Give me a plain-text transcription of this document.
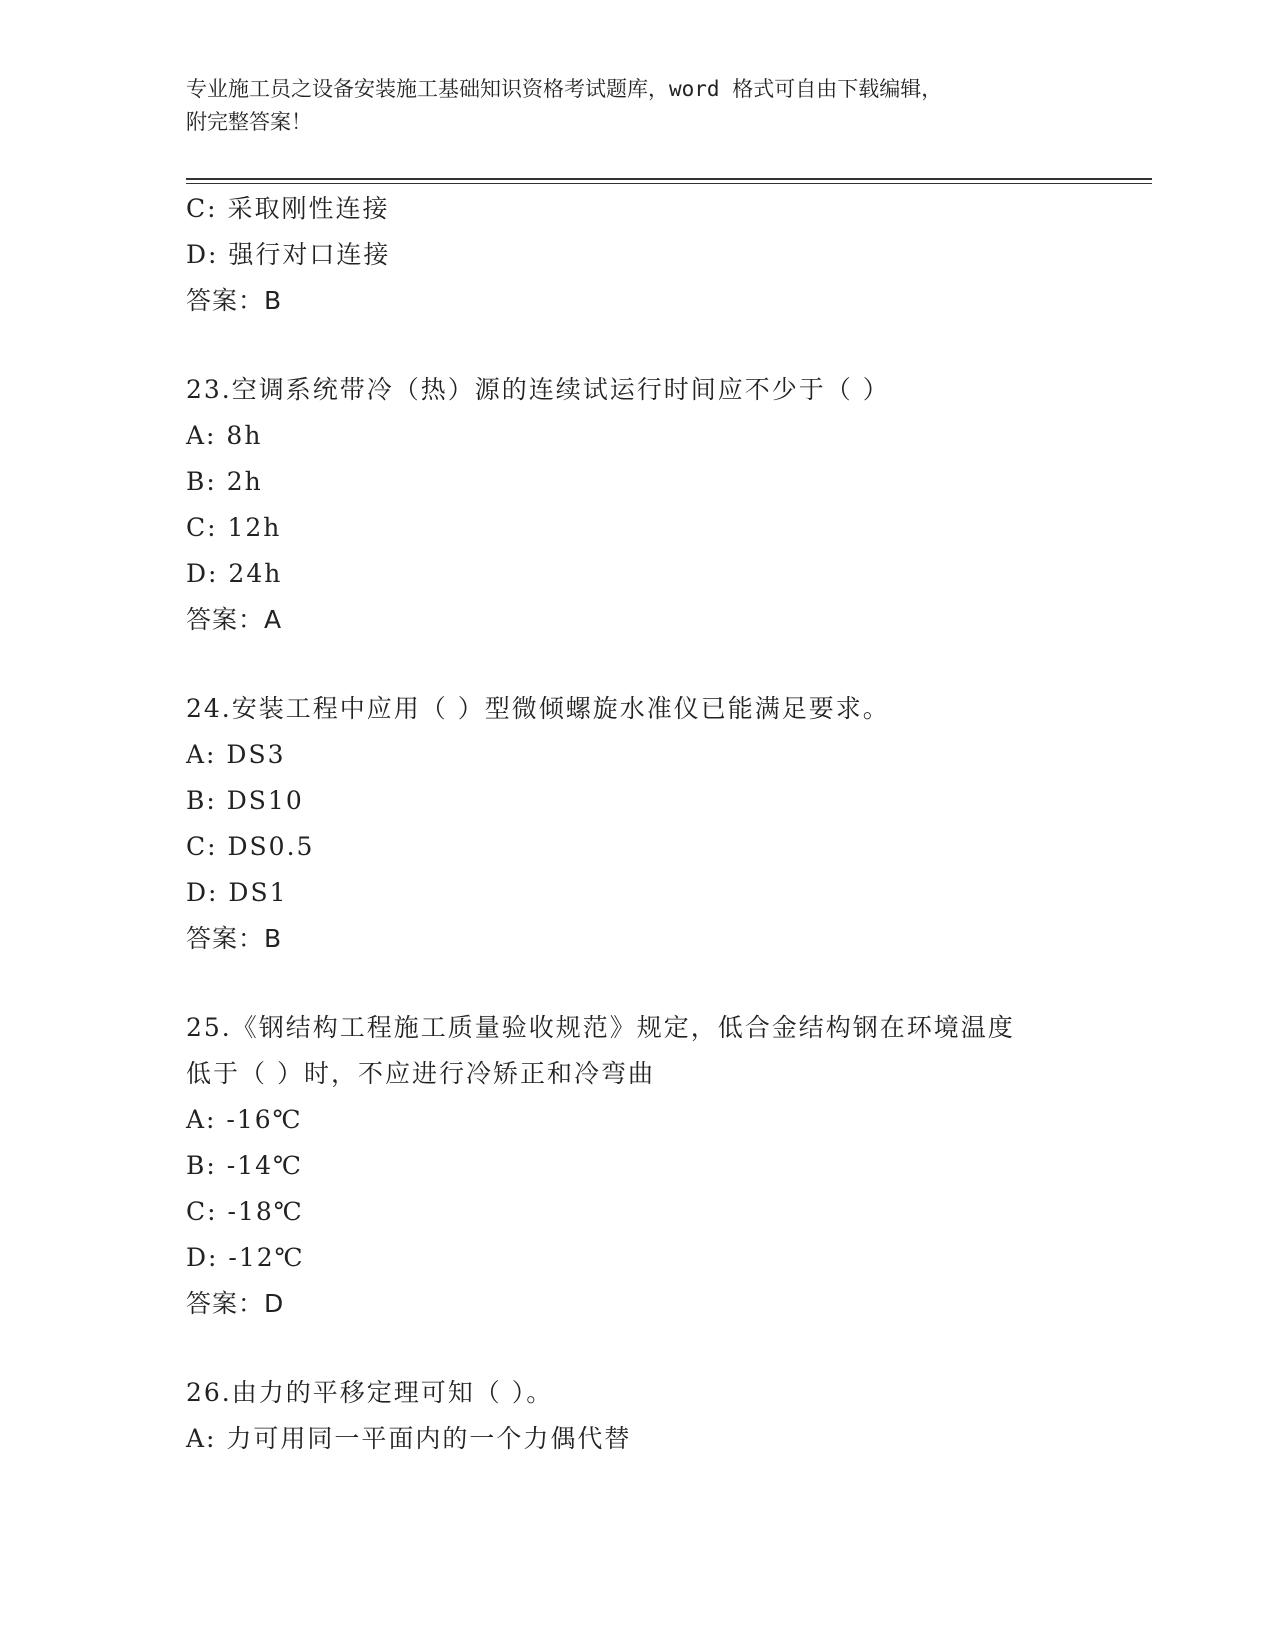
专业施工员之设备安装施工基础知识资格考试题库，word 格式可自由下载编辑，
附完整答案！
C: 采取刚性连接
D: 强行对口连接
答案：B
23.空调系统带冷（热）源的连续试运行时间应不少于（ ）
A: 8h
B: 2h
C: 12h
D: 24h
答案：A
24.安装工程中应用（ ）型微倾螺旋水准仪已能满足要求。
A: DS3
B: DS10
C: DS0.5
D: DS1
答案：B
25.《钢结构工程施工质量验收规范》规定，低合金结构钢在环境温度
低于（ ）时，不应进行冷矫正和冷弯曲
A: -16℃
B: -14℃
C: -18℃
D: -12℃
答案：D
26.由力的平移定理可知（ ）。
A: 力可用同一平面内的一个力偶代替
